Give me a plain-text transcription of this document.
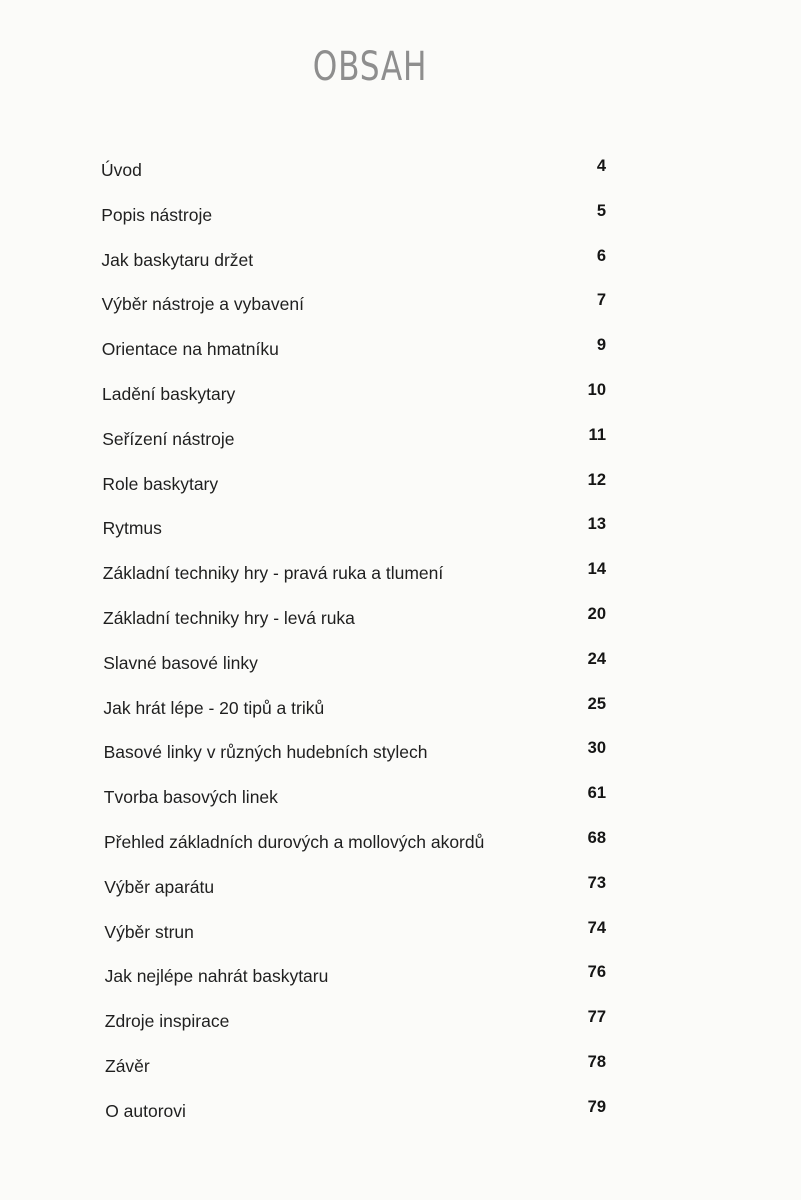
OBSAH
Úvod	4
Popis nástroje	5
Jak baskytaru držet	6
Výběr nástroje a vybavení	7
Orientace na hmatníku	9
Ladění baskytary	10
Seřízení nástroje	11
Role baskytary	12
Rytmus	13
Základní techniky hry - pravá ruka a tlumení	14
Základní techniky hry - levá ruka	20
Slavné basové linky	24
Jak hrát lépe - 20 tipů a triků	25
Basové linky v různých hudebních stylech	30
Tvorba basových linek	61
Přehled základních durových a mollových akordů	68
Výběr aparátu	73
Výběr strun	74
Jak nejlépe nahrát baskytaru	76
Zdroje inspirace	77
Závěr	78
O autorovi	79
